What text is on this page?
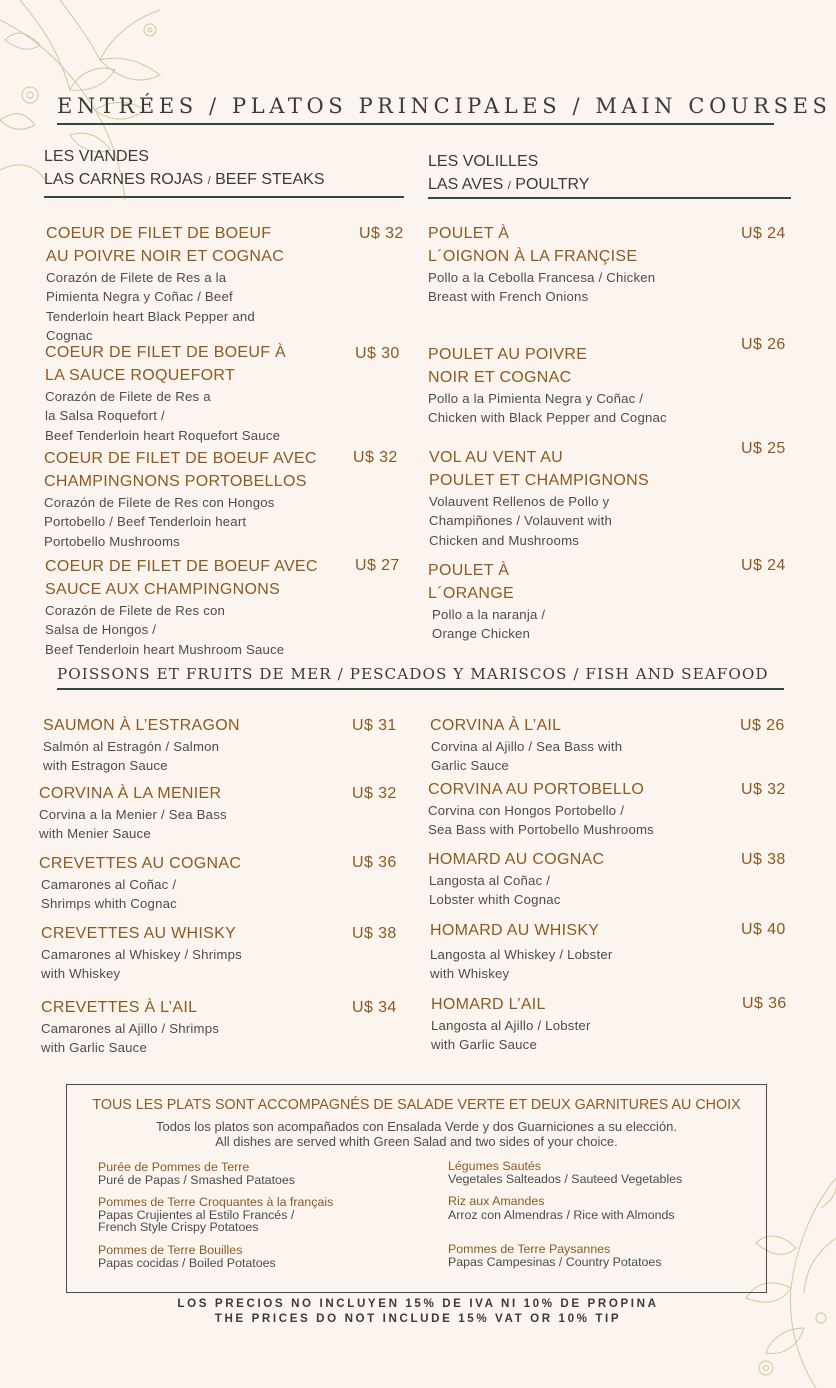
ENTRÉES / PLATOS PRINCIPALES / MAIN COURSES
LES VIANDES
LAS CARNES ROJAS / BEEF STEAKS
LES VOLILLES
LAS AVES / POULTRY
COEUR DE FILET DE BOEUF
AU POIVRE NOIR ET COGNAC
Corazón de Filete de Res a la
Pimienta Negra y Coñac / Beef
Tenderloin heart Black Pepper and
Cognac
U$ 32
COEUR DE FILET DE BOEUF À
LA SAUCE ROQUEFORT
Corazón de Filete de Res a
la Salsa Roquefort /
Beef Tenderloin heart Roquefort Sauce
U$ 30
COEUR DE FILET DE BOEUF AVEC
CHAMPINGNONS PORTOBELLOS
Corazón de Filete de Res con Hongos
Portobello / Beef Tenderloin heart
Portobello Mushrooms
U$ 32
COEUR DE FILET DE BOEUF AVEC
SAUCE AUX CHAMPINGNONS
Corazón de Filete de Res con
Salsa de Hongos /
Beef Tenderloin heart Mushroom Sauce
U$ 27
POULET À
L´OIGNON À LA FRANÇISE
Pollo a la Cebolla Francesa / Chicken
Breast with French Onions
U$ 24
POULET AU POIVRE
NOIR ET COGNAC
Pollo a la Pimienta Negra y Coñac /
Chicken with Black Pepper and Cognac
U$ 26
VOL AU VENT AU
POULET ET CHAMPIGNONS
Volauvent Rellenos de Pollo y
Champiñones / Volauvent with
Chicken and Mushrooms
U$ 25
POULET À
L´ORANGE
Pollo a la naranja /
Orange Chicken
U$ 24
POISSONS ET FRUITS DE MER / PESCADOS Y MARISCOS / FISH AND SEAFOOD
SAUMON À L’ESTRAGON
Salmón al Estragón / Salmon
with Estragon Sauce
U$ 31
CORVINA À LA MENIER
Corvina a la Menier / Sea Bass
with Menier Sauce
U$ 32
CREVETTES AU COGNAC
Camarones al Coñac /
Shrimps whith Cognac
U$ 36
CREVETTES AU WHISKY
Camarones al Whiskey / Shrimps
with Whiskey
U$ 38
CREVETTES À L’AIL
Camarones al Ajillo / Shrimps
with Garlic Sauce
U$ 34
CORVINA À L’AIL
Corvina al Ajillo / Sea Bass with
Garlic Sauce
U$ 26
CORVINA AU PORTOBELLO
Corvina con Hongos Portobello /
Sea Bass with Portobello Mushrooms
U$ 32
HOMARD AU COGNAC
Langosta al Coñac /
Lobster whith Cognac
U$ 38
HOMARD AU WHISKY
Langosta al Whiskey / Lobster
with Whiskey
U$ 40
HOMARD L’AIL
Langosta al Ajillo / Lobster
with Garlic Sauce
U$ 36
TOUS LES PLATS SONT ACCOMPAGNÉS DE SALADE VERTE ET DEUX GARNITURES AU CHOIX
Todos los platos son acompañados con Ensalada Verde y dos Guarniciones a su elección.
All dishes are served whith Green Salad and two sides of your choice.
Purée de Pommes de Terre
Puré de Papas / Smashed Patatoes
Pommes de Terre Croquantes à la français
Papas Crujientes al Estilo Francés /
French Style Crispy Potatoes
Pommes de Terre Bouilles
Papas cocidas / Boiled Potatoes
Légumes Sautés
Vegetales Salteados / Sauteed Vegetables
Riz aux Amandes
Arroz con Almendras / Rice with Almonds
Pommes de Terre Paysannes
Papas Campesinas / Country Potatoes
LOS PRECIOS NO INCLUYEN 15% DE IVA NI 10% DE PROPINA
THE PRICES DO NOT INCLUDE 15% VAT OR 10% TIP
